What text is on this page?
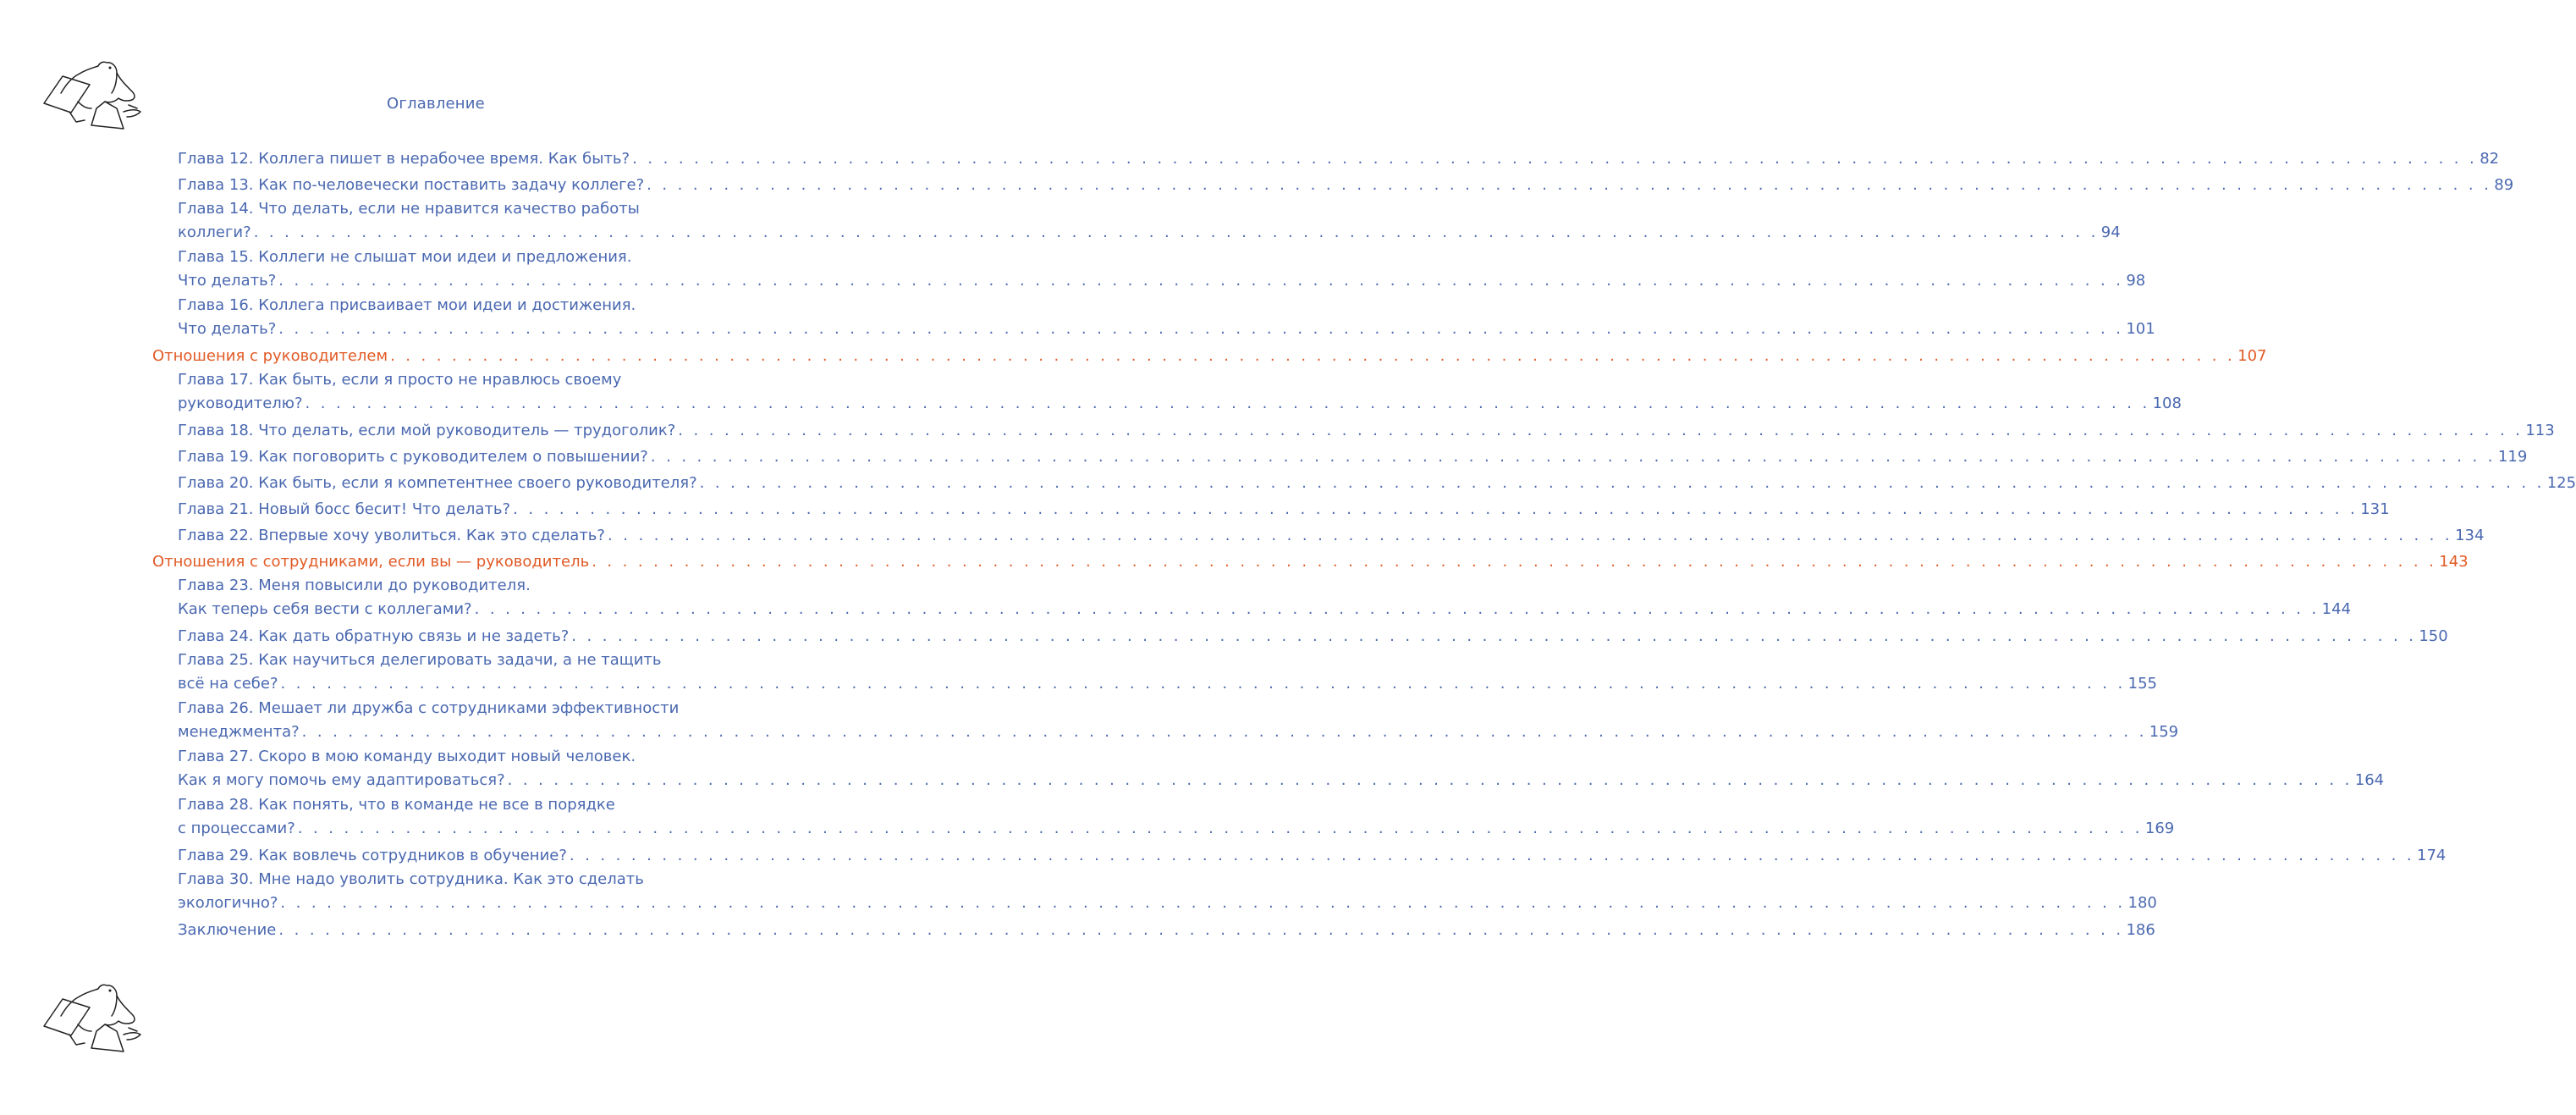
Оглавление
Глава 12. Коллега пишет в нерабочее время. Как быть? . . . . . . . . . . . . . . . . . . . . . . . . . . . . . . . . . . . . . . . . . . . . . . . . . . . . . . . . . . . . . . . . . . . . . . . . . . . . . . . . . . . . . . . . . . . . . . . . . . . . . . . . . . . . . . . . . . . . . . . . 82
Глава 13. Как по-человечески поставить задачу коллеге? . . . . . . . . . . . . . . . . . . . . . . . . . . . . . . . . . . . . . . . . . . . . . . . . . . . . . . . . . . . . . . . . . . . . . . . . . . . . . . . . . . . . . . . . . . . . . . . . . . . . . . . . . . . . . . . . . . . . . . . . 89
Глава 14. Что делать, если не нравится качество работы
коллеги? . . . . . . . . . . . . . . . . . . . . . . . . . . . . . . . . . . . . . . . . . . . . . . . . . . . . . . . . . . . . . . . . . . . . . . . . . . . . . . . . . . . . . . . . . . . . . . . . . . . . . . . . . . . . . . . . . . . . . . . . 94
Глава 15. Коллеги не слышат мои идеи и предложения.
Что делать? . . . . . . . . . . . . . . . . . . . . . . . . . . . . . . . . . . . . . . . . . . . . . . . . . . . . . . . . . . . . . . . . . . . . . . . . . . . . . . . . . . . . . . . . . . . . . . . . . . . . . . . . . . . . . . . . . . . . . . . . 98
Глава 16. Коллега присваивает мои идеи и достижения.
Что делать? . . . . . . . . . . . . . . . . . . . . . . . . . . . . . . . . . . . . . . . . . . . . . . . . . . . . . . . . . . . . . . . . . . . . . . . . . . . . . . . . . . . . . . . . . . . . . . . . . . . . . . . . . . . . . . . . . . . . . . . . 101
Отношения с руководителем . . . . . . . . . . . . . . . . . . . . . . . . . . . . . . . . . . . . . . . . . . . . . . . . . . . . . . . . . . . . . . . . . . . . . . . . . . . . . . . . . . . . . . . . . . . . . . . . . . . . . . . . . . . . . . . . . . . . . . . . 107
Глава 17. Как быть, если я просто не нравлюсь своему
руководителю? . . . . . . . . . . . . . . . . . . . . . . . . . . . . . . . . . . . . . . . . . . . . . . . . . . . . . . . . . . . . . . . . . . . . . . . . . . . . . . . . . . . . . . . . . . . . . . . . . . . . . . . . . . . . . . . . . . . . . . . . 108
Глава 18. Что делать, если мой руководитель — трудоголик? . . . . . . . . . . . . . . . . . . . . . . . . . . . . . . . . . . . . . . . . . . . . . . . . . . . . . . . . . . . . . . . . . . . . . . . . . . . . . . . . . . . . . . . . . . . . . . . . . . . . . . . . . . . . . . . . . . . . . . . . 113
Глава 19. Как поговорить с руководителем о повышении? . . . . . . . . . . . . . . . . . . . . . . . . . . . . . . . . . . . . . . . . . . . . . . . . . . . . . . . . . . . . . . . . . . . . . . . . . . . . . . . . . . . . . . . . . . . . . . . . . . . . . . . . . . . . . . . . . . . . . . . . 119
Глава 20. Как быть, если я компетентнее своего руководителя? . . . . . . . . . . . . . . . . . . . . . . . . . . . . . . . . . . . . . . . . . . . . . . . . . . . . . . . . . . . . . . . . . . . . . . . . . . . . . . . . . . . . . . . . . . . . . . . . . . . . . . . . . . . . . . . . . . . . . . . . 125
Глава 21. Новый босс бесит! Что делать? . . . . . . . . . . . . . . . . . . . . . . . . . . . . . . . . . . . . . . . . . . . . . . . . . . . . . . . . . . . . . . . . . . . . . . . . . . . . . . . . . . . . . . . . . . . . . . . . . . . . . . . . . . . . . . . . . . . . . . . . 131
Глава 22. Впервые хочу уволиться. Как это сделать? . . . . . . . . . . . . . . . . . . . . . . . . . . . . . . . . . . . . . . . . . . . . . . . . . . . . . . . . . . . . . . . . . . . . . . . . . . . . . . . . . . . . . . . . . . . . . . . . . . . . . . . . . . . . . . . . . . . . . . . . 134
Отношения с сотрудниками, если вы — руководитель . . . . . . . . . . . . . . . . . . . . . . . . . . . . . . . . . . . . . . . . . . . . . . . . . . . . . . . . . . . . . . . . . . . . . . . . . . . . . . . . . . . . . . . . . . . . . . . . . . . . . . . . . . . . . . . . . . . . . . . . 143
Глава 23. Меня повысили до руководителя.
Как теперь себя вести с коллегами? . . . . . . . . . . . . . . . . . . . . . . . . . . . . . . . . . . . . . . . . . . . . . . . . . . . . . . . . . . . . . . . . . . . . . . . . . . . . . . . . . . . . . . . . . . . . . . . . . . . . . . . . . . . . . . . . . . . . . . . . 144
Глава 24. Как дать обратную связь и не задеть? . . . . . . . . . . . . . . . . . . . . . . . . . . . . . . . . . . . . . . . . . . . . . . . . . . . . . . . . . . . . . . . . . . . . . . . . . . . . . . . . . . . . . . . . . . . . . . . . . . . . . . . . . . . . . . . . . . . . . . . . 150
Глава 25. Как научиться делегировать задачи, а не тащить
всё на себе? . . . . . . . . . . . . . . . . . . . . . . . . . . . . . . . . . . . . . . . . . . . . . . . . . . . . . . . . . . . . . . . . . . . . . . . . . . . . . . . . . . . . . . . . . . . . . . . . . . . . . . . . . . . . . . . . . . . . . . . . 155
Глава 26. Мешает ли дружба с сотрудниками эффективности
менеджмента? . . . . . . . . . . . . . . . . . . . . . . . . . . . . . . . . . . . . . . . . . . . . . . . . . . . . . . . . . . . . . . . . . . . . . . . . . . . . . . . . . . . . . . . . . . . . . . . . . . . . . . . . . . . . . . . . . . . . . . . . 159
Глава 27. Скоро в мою команду выходит новый человек.
Как я могу помочь ему адаптироваться? . . . . . . . . . . . . . . . . . . . . . . . . . . . . . . . . . . . . . . . . . . . . . . . . . . . . . . . . . . . . . . . . . . . . . . . . . . . . . . . . . . . . . . . . . . . . . . . . . . . . . . . . . . . . . . . . . . . . . . . . 164
Глава 28. Как понять, что в команде не все в порядке
с процессами? . . . . . . . . . . . . . . . . . . . . . . . . . . . . . . . . . . . . . . . . . . . . . . . . . . . . . . . . . . . . . . . . . . . . . . . . . . . . . . . . . . . . . . . . . . . . . . . . . . . . . . . . . . . . . . . . . . . . . . . . 169
Глава 29. Как вовлечь сотрудников в обучение? . . . . . . . . . . . . . . . . . . . . . . . . . . . . . . . . . . . . . . . . . . . . . . . . . . . . . . . . . . . . . . . . . . . . . . . . . . . . . . . . . . . . . . . . . . . . . . . . . . . . . . . . . . . . . . . . . . . . . . . . 174
Глава 30. Мне надо уволить сотрудника. Как это сделать
экологично? . . . . . . . . . . . . . . . . . . . . . . . . . . . . . . . . . . . . . . . . . . . . . . . . . . . . . . . . . . . . . . . . . . . . . . . . . . . . . . . . . . . . . . . . . . . . . . . . . . . . . . . . . . . . . . . . . . . . . . . . 180
Заключение . . . . . . . . . . . . . . . . . . . . . . . . . . . . . . . . . . . . . . . . . . . . . . . . . . . . . . . . . . . . . . . . . . . . . . . . . . . . . . . . . . . . . . . . . . . . . . . . . . . . . . . . . . . . . . . . . . . . . . . . 186
